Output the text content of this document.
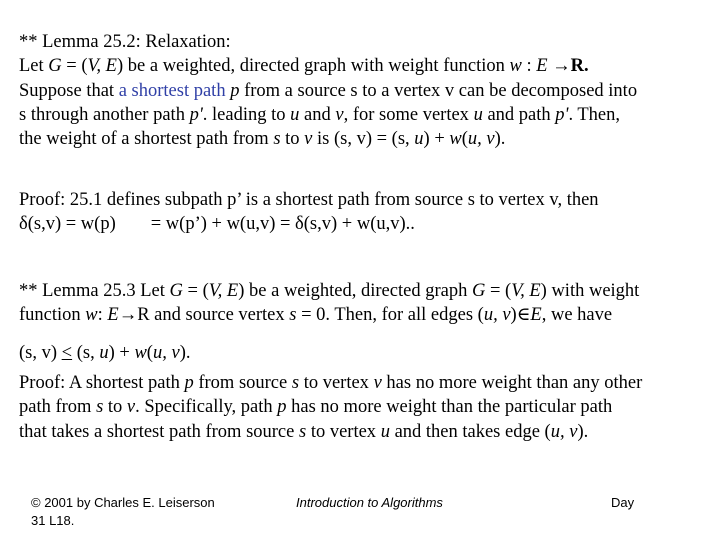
** Lemma 25.2: Relaxation:
Let G = (V, E) be a weighted, directed graph with weight function w : E →R.
Suppose that a shortest path p from a source s to a vertex v can be decomposed into
s through another path p'. leading to u and v, for some vertex u and path p'. Then,
the weight of a shortest path from s to v is (s, v) = (s, u) + w(u, v).
Proof: 25.1 defines subpath p’ is a shortest path from source s to vertex v, then
δ(s,v) = w(p) = w(p’) + w(u,v) = δ(s,v) + w(u,v)..
** Lemma 25.3 Let G = (V, E) be a weighted, directed graph G = (V, E) with weight
function w: E→R and source vertex s = 0. Then, for all edges (u, v)∈E, we have
(s, v) < (s, u) + w(u, v).
Proof: A shortest path p from source s to vertex v has no more weight than any other
path from s to v. Specifically, path p has no more weight than the particular path
that takes a shortest path from source s to vertex u and then takes edge (u, v).
© 2001 by Charles E. Leiserson
31 L18.
Introduction to Algorithms	Day
